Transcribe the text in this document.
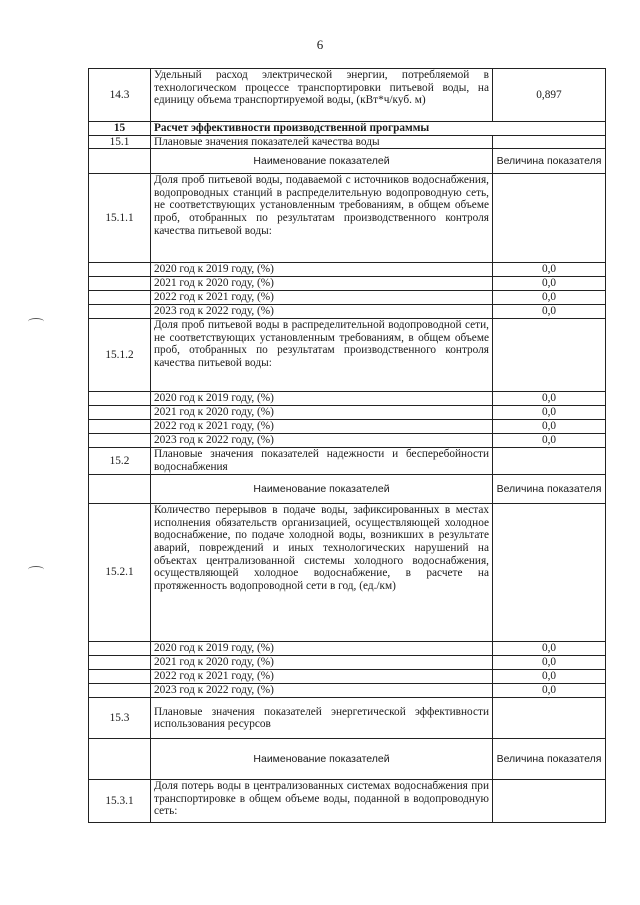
6
14.3	Удельный расход электрической энергии, потребляемой в технологическом процессе транспортировки питьевой воды, на единицу объема транспортируемой воды, (кВт*ч/куб. м)	0,897
15	Расчет эффективности производственной программы	
15.1	Плановые значения показателей качества воды	
	Наименование показателей	Величина показателя
15.1.1	Доля проб питьевой воды, подаваемой с источников водоснабжения, водопроводных станций в распределительную водопроводную сеть, не соответствующих установленным требованиям, в общем объеме проб, отобранных по результатам производственного контроля качества питьевой воды:	
	2020 год к 2019 году, (%)	0,0
	2021 год к 2020 году, (%)	0,0
	2022 год к 2021 году, (%)	0,0
	2023 год к 2022 году, (%)	0,0
15.1.2	Доля проб питьевой воды в распределительной водопроводной сети, не соответствующих установленным требованиям, в общем объеме проб, отобранных по результатам производственного контроля качества питьевой воды:	
	2020 год к 2019 году, (%)	0,0
	2021 год к 2020 году, (%)	0,0
	2022 год к 2021 году, (%)	0,0
	2023 год к 2022 году, (%)	0,0
15.2	Плановые значения показателей надежности и бесперебойности водоснабжения	
	Наименование показателей	Величина показателя
15.2.1	Количество перерывов в подаче воды, зафиксированных в местах исполнения обязательств организацией, осуществляющей холодное водоснабжение, по подаче холодной воды, возникших в результате аварий, повреждений и иных технологических нарушений на объектах централизованной системы холодного водоснабжения, осуществляющей холодное водоснабжение, в расчете на протяженность водопроводной сети в год, (ед./км)	
	2020 год к 2019 году, (%)	0,0
	2021 год к 2020 году, (%)	0,0
	2022 год к 2021 году, (%)	0,0
	2023 год к 2022 году, (%)	0,0
15.3	Плановые значения показателей энергетической эффективности использования ресурсов	
	Наименование показателей	Величина показателя
15.3.1	Доля потерь воды в централизованных системах водоснабжения при транспортировке в общем объеме воды, поданной в водопроводную сеть:	
